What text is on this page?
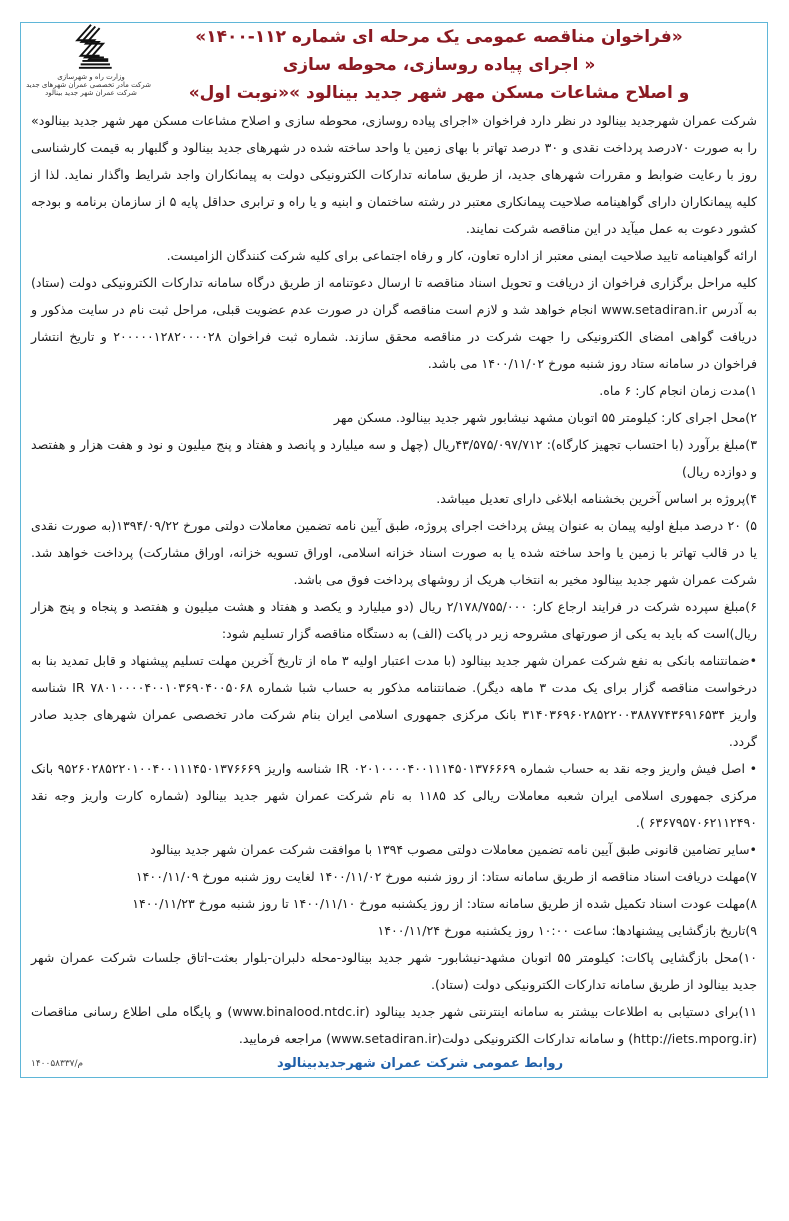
وزارت راه و شهرسازی
شرکت مادر تخصصی عمران شهرهای جدید
شرکت عمران شهر جدید بینالود
«فراخوان مناقصه عمومی یک مرحله ای شماره ۱۱۲-۱۴۰۰»
« اجرای پیاده روسازی، محوطه سازی
و اصلاح مشاعات مسکن مهر شهر جدید بینالود »«نوبت اول»

شرکت عمران شهرجدید بینالود در نظر دارد فراخوان «اجرای پیاده روسازی، محوطه سازی و اصلاح مشاعات مسکن مهر شهر جدید بینالود» را به صورت ۷۰درصد پرداخت نقدی و ۳۰ درصد تهاتر با بهای زمین یا واحد ساخته شده در شهرهای جدید بینالود و گلبهار به قیمت کارشناسی روز با رعایت ضوابط و مقررات شهرهای جدید، از طریق سامانه تدارکات الکترونیکی دولت به پیمانکاران واجد شرایط واگذار نماید. لذا از کلیه پیمانکاران دارای گواهینامه صلاحیت پیمانکاری معتبر در رشته ساختمان و ابنیه و یا راه و ترابری حداقل پایه ۵ از سازمان برنامه و بودجه کشور دعوت به عمل میآید در این مناقصه شرکت نمایند.

ارائه گواهینامه تایید صلاحیت ایمنی معتبر از اداره تعاون، کار و رفاه اجتماعی برای کلیه شرکت کنندگان الزامیست.

کلیه مراحل برگزاری فراخوان از دریافت و تحویل اسناد مناقصه تا ارسال دعوتنامه از طریق درگاه سامانه تدارکات الکترونیکی دولت (ستاد) به آدرس www.setadiran.ir انجام خواهد شد و لازم است مناقصه گران در صورت عدم عضویت قبلی، مراحل ثبت نام در سایت مذکور و دریافت گواهی امضای الکترونیکی را جهت شرکت در مناقصه محقق سازند. شماره ثبت فراخوان ۲۰۰۰۰۰۱۲۸۲۰۰۰۰۲۸ و تاریخ انتشار فراخوان در سامانه ستاد روز شنبه مورخ ۱۴۰۰/۱۱/۰۲ می باشد.

۱)مدت زمان انجام کار: ۶ ماه.

۲)محل اجرای کار: کیلومتر ۵۵ اتوبان مشهد نیشابور شهر جدید بینالود. مسکن مهر

۳)مبلغ برآورد (با احتساب تجهیز کارگاه): ۴۳/۵۷۵/۰۹۷/۷۱۲ریال (چهل و سه میلیارد و پانصد و هفتاد و پنج میلیون و نود و هفت هزار و هفتصد و دوازده ریال)

۴)پروژه بر اساس آخرین بخشنامه ابلاغی دارای تعدیل میباشد.

۵) ۲۰ درصد مبلغ اولیه پیمان به عنوان پیش پرداخت اجرای پروژه، طبق آیین نامه تضمین معاملات دولتی مورخ ۱۳۹۴/۰۹/۲۲(به صورت نقدی یا در قالب تهاتر با زمین یا واحد ساخته شده یا به صورت اسناد خزانه اسلامی، اوراق تسویه خزانه، اوراق مشارکت) پرداخت خواهد شد. شرکت عمران شهر جدید بینالود مخیر به انتخاب هریک از روشهای پرداخت فوق می باشد.

۶)مبلغ سپرده شرکت در فرایند ارجاع کار: ۲/۱۷۸/۷۵۵/۰۰۰ ریال (دو میلیارد و یکصد و هفتاد و هشت میلیون و هفتصد و پنجاه و پنج هزار ریال)است که باید به یکی از صورتهای مشروحه زیر در پاکت (الف) به دستگاه مناقصه گزار تسلیم شود:

•ضمانتنامه بانکی به نفع شرکت عمران شهر جدید بینالود (با مدت اعتبار اولیه ۳ ماه از تاریخ آخرین مهلت تسلیم پیشنهاد و قابل تمدید بنا به درخواست مناقصه گزار برای یک مدت ۳ ماهه دیگر). ضمانتنامه مذکور به حساب شبا شماره IR ۷۸۰۱۰۰۰۰۴۰۰۱۰۳۶۹۰۴۰۰۵۰۶۸ شناسه واریز ۳۱۴۰۳۶۹۶۰۲۸۵۲۲۰۰۳۸۸۷۷۴۳۶۹۱۶۵۳۴ بانک مرکزی جمهوری اسلامی ایران بنام شرکت مادر تخصصی عمران شهرهای جدید صادر گردد.

• اصل فیش واریز وجه نقد به حساب شماره IR ۰۲۰۱۰۰۰۰۴۰۰۱۱۱۴۵۰۱۳۷۶۶۶۹ شناسه واریز ۹۵۲۶۰۲۸۵۲۲۰۱۰۰۴۰۰۱۱۱۴۵۰۱۳۷۶۶۶۹ بانک مرکزی جمهوری اسلامی ایران شعبه معاملات ریالی کد ۱۱۸۵ به نام شرکت عمران شهر جدید بینالود (شماره کارت واریز وجه نقد ۶۳۶۷۹۵۷۰۶۲۱۱۲۴۹۰ ).

•سایر تضامین قانونی طبق آیین نامه تضمین معاملات دولتی مصوب ۱۳۹۴ با موافقت شرکت عمران شهر جدید بینالود

۷)مهلت دریافت اسناد مناقصه از طریق سامانه ستاد: از روز شنبه مورخ ۱۴۰۰/۱۱/۰۲ لغایت روز شنبه مورخ ۱۴۰۰/۱۱/۰۹

۸)مهلت عودت اسناد تکمیل شده از طریق سامانه ستاد: از روز یکشنبه مورخ ۱۴۰۰/۱۱/۱۰ تا روز شنبه مورخ ۱۴۰۰/۱۱/۲۳

۹)تاریخ بازگشایی پیشنهادها: ساعت ۱۰:۰۰ روز یکشنبه مورخ ۱۴۰۰/۱۱/۲۴

۱۰)محل بازگشایی پاکات: کیلومتر ۵۵ اتوبان مشهد-نیشابور- شهر جدید بینالود-محله دلبران-بلوار بعثت-اتاق جلسات شرکت عمران شهر جدید بینالود از طریق سامانه تدارکات الکترونیکی دولت (ستاد).

۱۱)برای دستیابی به اطلاعات بیشتر به سامانه اینترنتی شهر جدید بینالود (www.binalood.ntdc.ir) و پایگاه ملی اطلاع رسانی مناقصات (http://iets.mporg.ir) و سامانه تدارکات الکترونیکی دولت(www.setadiran.ir) مراجعه فرمایید.

م/۱۴۰۰۵۸۳۳۷	روابط عمومی شرکت عمران شهرجدیدبینالود
